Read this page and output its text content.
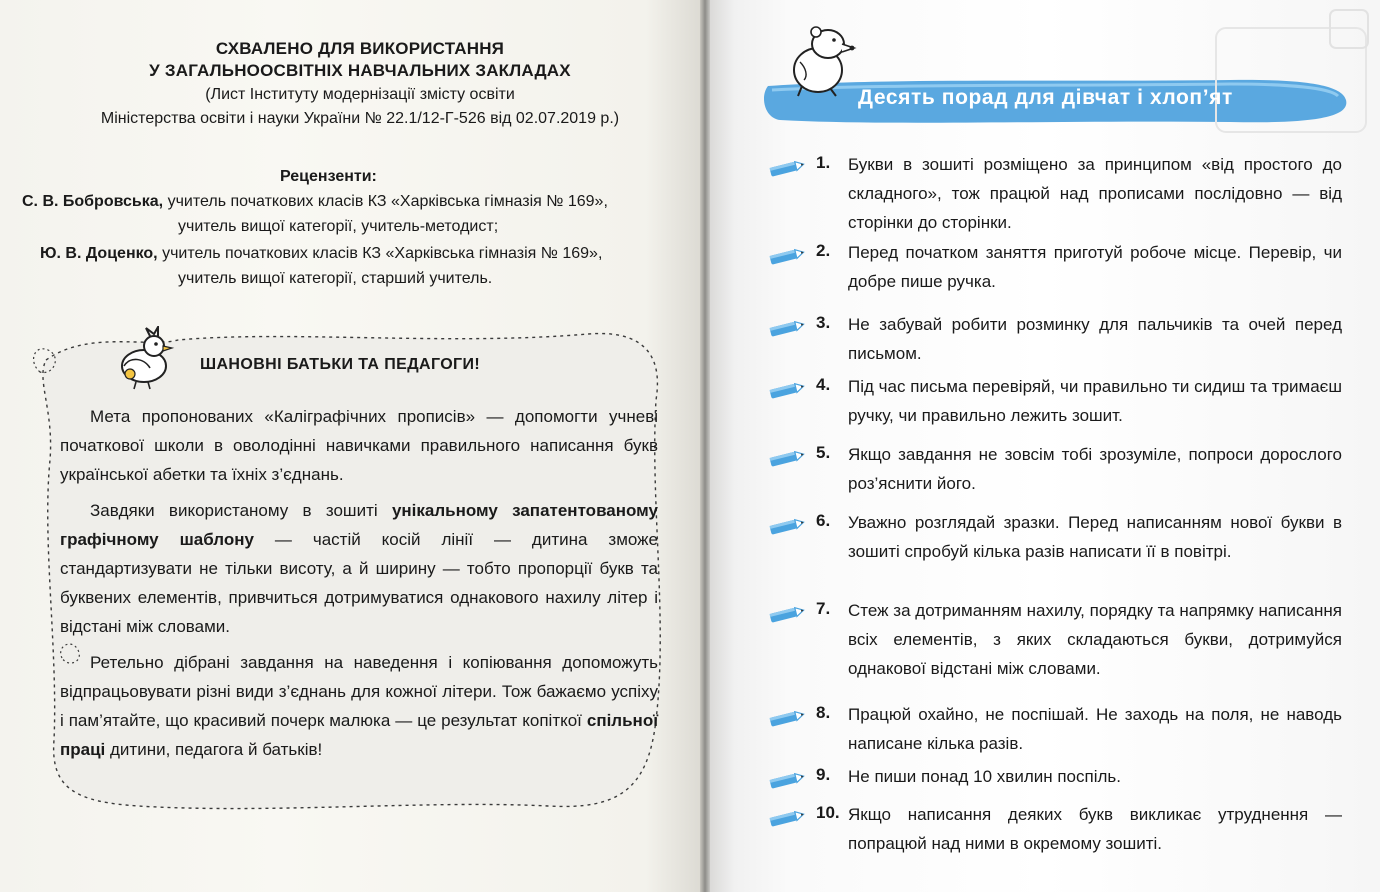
СХВАЛЕНО ДЛЯ ВИКОРИСТАННЯ
У ЗАГАЛЬНООСВІТНІХ НАВЧАЛЬНИХ ЗАКЛАДАХ
(Лист Інституту модернізації змісту освіти
Міністерства освіти і науки України № 22.1/12-Г-526 від 02.07.2019 р.)
Рецензенти:
С. В. Бобровська, учитель початкових класів КЗ «Харківська гімназія № 169»,
учитель вищої категорії, учитель-методист;
Ю. В. Доценко, учитель початкових класів КЗ «Харківська гімназія № 169»,
учитель вищої категорії, старший учитель.
ШАНОВНІ БАТЬКИ ТА ПЕДАГОГИ!
Мета пропонованих «Каліграфічних прописів» — допомогти учневі початкової школи в оволодінні навичками правильного написання букв української абетки та їхніх з’єднань.
Завдяки використаному в зошиті унікальному запатентованому графічному шаблону — частій косій лінії — дитина зможе стандартизувати не тільки висоту, а й ширину — тобто пропорції букв та буквених елементів, привчиться дотримуватися однакового нахилу літер і відстані між словами.
Ретельно дібрані завдання на наведення і копіювання допоможуть відпрацьовувати різні види з’єднань для кожної літери. Тож бажаємо успіху і пам’ятайте, що красивий почерк малюка — це результат копіткої спільної праці дитини, педагога й батьків!
Десять порад для дівчат і хлоп’ят
1. Букви в зошиті розміщено за принципом «від простого до складного», тож працюй над прописами послідовно — від сторінки до сторінки.
2. Перед початком заняття приготуй робоче місце. Перевір, чи добре пише ручка.
3. Не забувай робити розминку для пальчиків та очей перед письмом.
4. Під час письма перевіряй, чи правильно ти сидиш та тримаєш ручку, чи правильно лежить зошит.
5. Якщо завдання не зовсім тобі зрозуміле, попроси дорослого роз’яснити його.
6. Уважно розглядай зразки. Перед написанням нової букви в зошиті спробуй кілька разів написати її в повітрі.
7. Стеж за дотриманням нахилу, порядку та напрямку написання всіх елементів, з яких складаються букви, дотримуйся однакової відстані між словами.
8. Працюй охайно, не поспішай. Не заходь на поля, не наводь написане кілька разів.
9. Не пиши понад 10 хвилин поспіль.
10. Якщо написання деяких букв викликає утруднення — попрацюй над ними в окремому зошиті.
